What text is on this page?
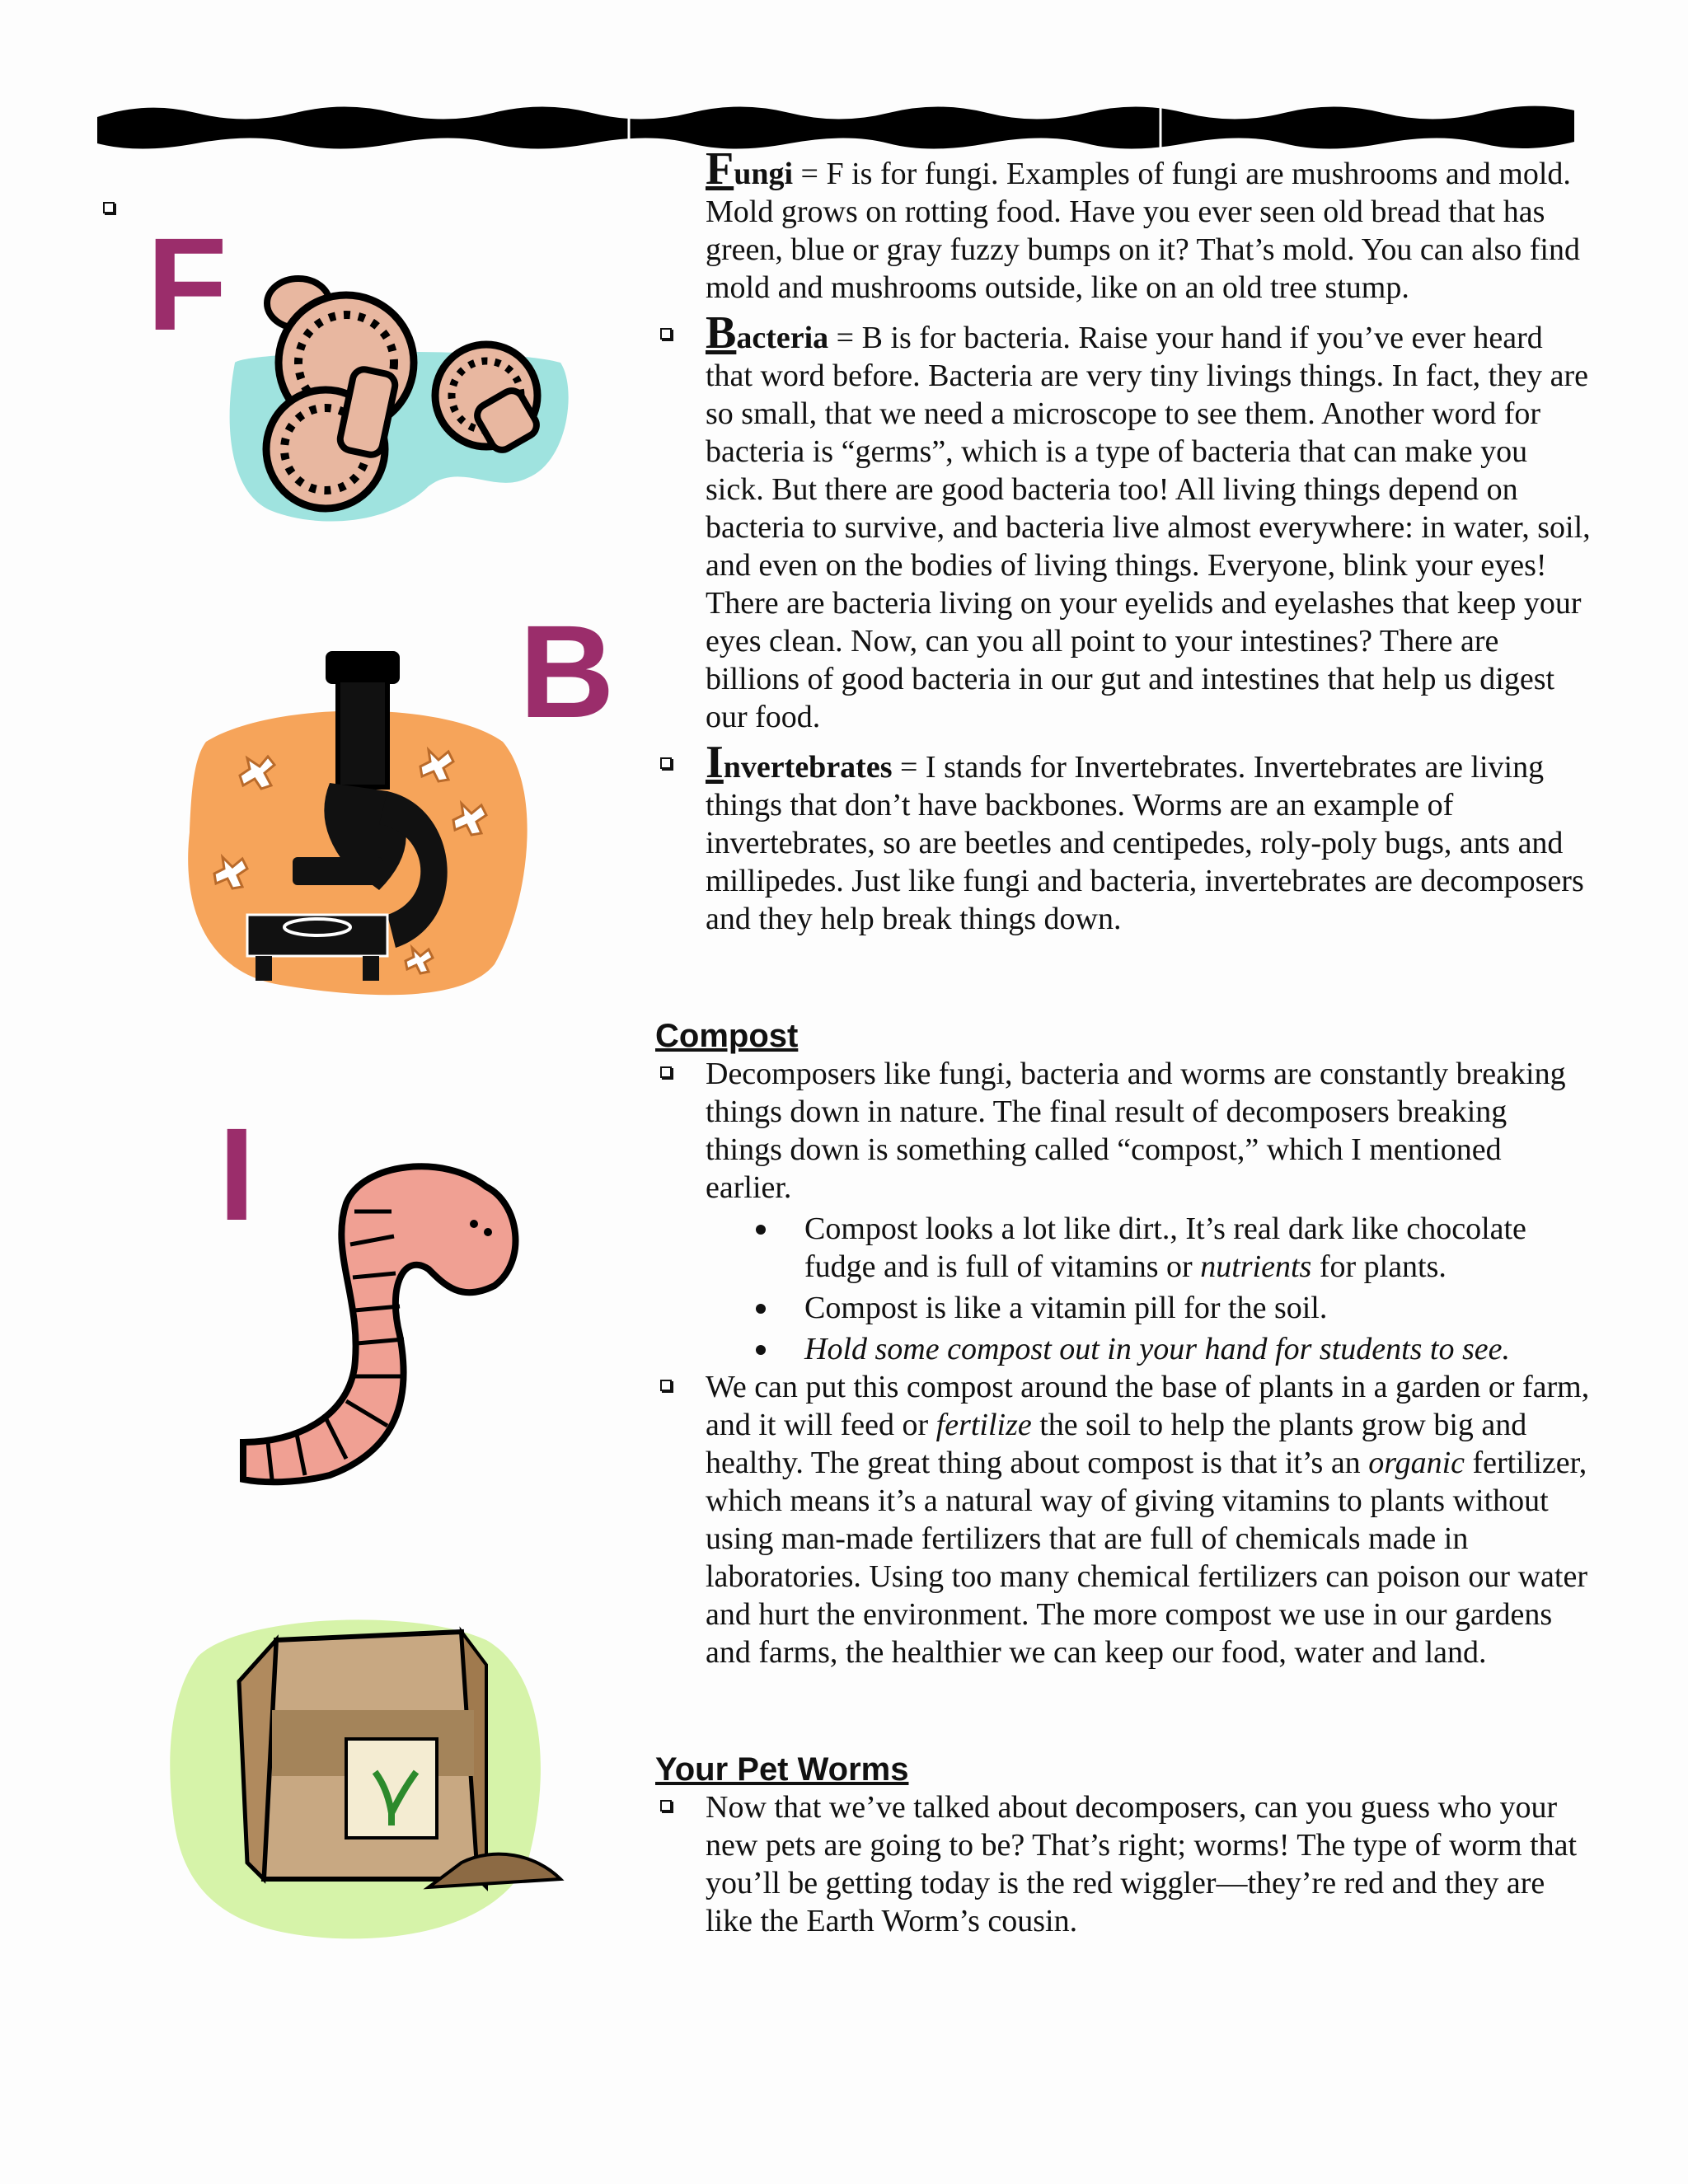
F
B
I
Fungi = F is for fungi. Examples of fungi are mushrooms and mold. Mold grows on rotting food. Have you ever seen old bread that has green, blue or gray fuzzy bumps on it? That’s mold. You can also find mold and mushrooms outside, like on an old tree stump.
Bacteria = B is for bacteria. Raise your hand if you’ve ever heard that word before. Bacteria are very tiny livings things. In fact, they are so small, that we need a microscope to see them. Another word for bacteria is “germs”, which is a type of bacteria that can make you sick. But there are good bacteria too! All living things depend on bacteria to survive, and bacteria live almost everywhere: in water, soil, and even on the bodies of living things. Everyone, blink your eyes! There are bacteria living on your eyelids and eyelashes that keep your eyes clean. Now, can you all point to your intestines? There are billions of good bacteria in our gut and intestines that help us digest our food.
Invertebrates = I stands for Invertebrates. Invertebrates are living things that don’t have backbones. Worms are an example of invertebrates, so are beetles and centipedes, roly-poly bugs, ants and millipedes. Just like fungi and bacteria, invertebrates are decomposers and they help break things down.
Compost
Decomposers like fungi, bacteria and worms are constantly breaking things down in nature. The final result of decomposers breaking things down is something called “compost,” which I mentioned earlier.
Compost looks a lot like dirt., It’s real dark like chocolate fudge and is full of vitamins or nutrients for plants.
Compost is like a vitamin pill for the soil.
Hold some compost out in your hand for students to see.
We can put this compost around the base of plants in a garden or farm, and it will feed or fertilize the soil to help the plants grow big and healthy. The great thing about compost is that it’s an organic fertilizer, which means it’s a natural way of giving vitamins to plants without using man-made fertilizers that are full of chemicals made in laboratories. Using too many chemical fertilizers can poison our water and hurt the environment. The more compost we use in our gardens and farms, the healthier we can keep our food, water and land.
Your Pet Worms
Now that we’ve talked about decomposers, can you guess who your new pets are going to be? That’s right; worms! The type of worm that you’ll be getting today is the red wiggler—they’re red and they are like the Earth Worm’s cousin.
